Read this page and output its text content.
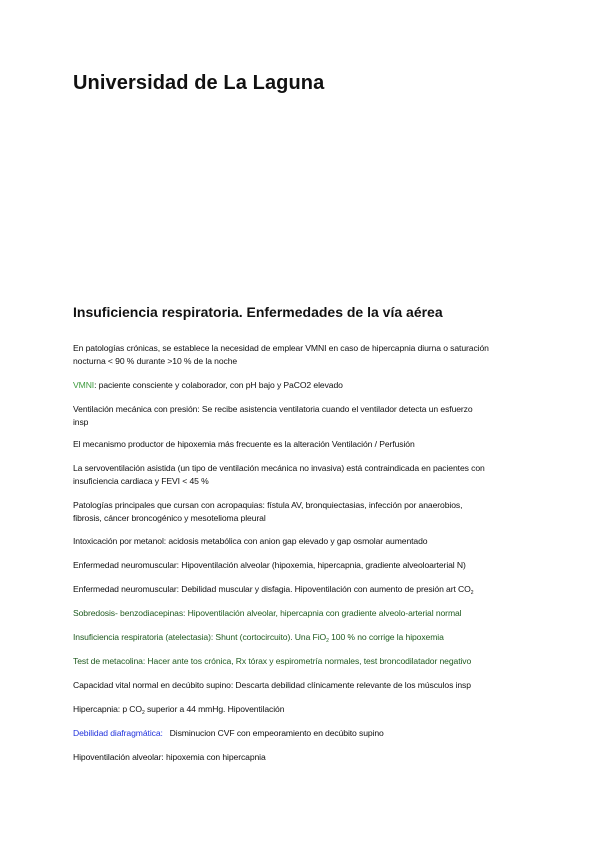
Universidad de La Laguna
Insuficiencia respiratoria. Enfermedades de la vía aérea
En patologías crónicas, se establece la necesidad de emplear VMNI en caso de hipercapnia diurna o saturación
nocturna < 90 % durante >10 % de la noche
VMNI: paciente consciente y colaborador, con pH bajo y PaCO2 elevado
Ventilación mecánica con presión: Se recibe asistencia ventilatoria cuando el ventilador detecta un esfuerzo
insp
El mecanismo productor de hipoxemia más frecuente es la alteración Ventilación / Perfusión
La servoventilación asistida (un tipo de ventilación mecánica no invasiva) está contraindicada en pacientes con
insuficiencia cardiaca y FEVI < 45 %
Patologías principales que cursan con acropaquias: fístula AV, bronquiectasias, infección por anaerobios,
fibrosis, cáncer broncogénico y mesotelioma pleural
Intoxicación por metanol: acidosis metabólica con anion gap elevado y gap osmolar aumentado
Enfermedad neuromuscular: Hipoventilación alveolar (hipoxemia, hipercapnia, gradiente alveoloarterial N)
Enfermedad neuromuscular: Debilidad muscular y disfagia. Hipoventilación con aumento de presión art $CO_2$
Sobredosis- benzodiacepinas: Hipoventilación alveolar, hipercapnia con gradiente alveolo-arterial normal
Insuficiencia respiratoria (atelectasia): Shunt (cortocircuito). Una FiO$_2$ 100 % no corrige la hipoxemia
Test de metacolina: Hacer ante tos crónica, Rx tórax y espirometría normales, test broncodilatador negativo
Capacidad vital normal en decúbito supino: Descarta debilidad clínicamente relevante de los músculos insp
Hipercapnia: p $CO_2$ superior a 44 mmHg. Hipoventilación
Debilidad diafragmática:   Disminucion CVF con empeoramiento en decúbito supino
Hipoventilación alveolar: hipoxemia con hipercapnia
